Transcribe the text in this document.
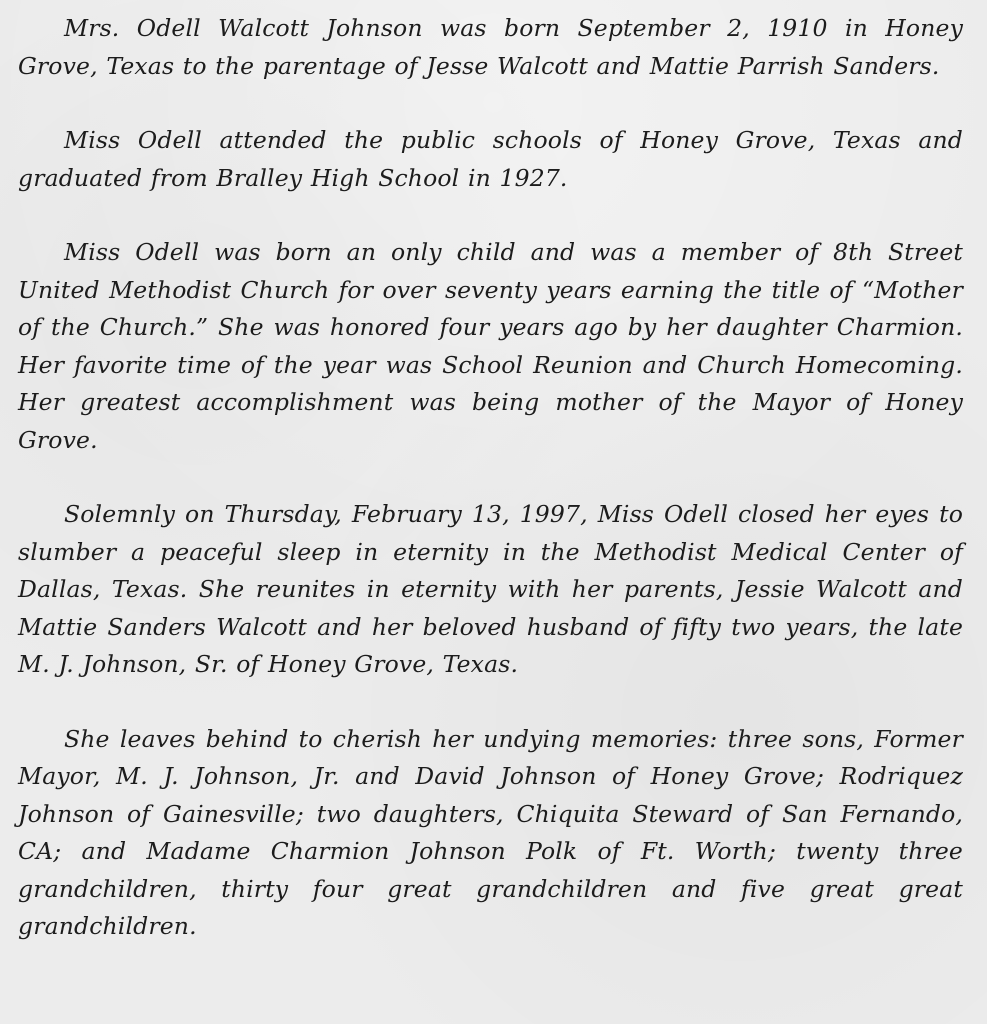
Mrs. Odell Walcott Johnson was born September 2, 1910 in Honey Grove, Texas to the parentage of Jesse Walcott and Mattie Parrish Sanders.

Miss Odell attended the public schools of Honey Grove, Texas and graduated from Bralley High School in 1927.

Miss Odell was born an only child and was a member of 8th Street United Methodist Church for over seventy years earning the title of “Mother of the Church.” She was honored four years ago by her daughter Charmion. Her favorite time of the year was School Reunion and Church Homecoming. Her greatest accomplishment was being mother of the Mayor of Honey Grove.

Solemnly on Thursday, February 13, 1997, Miss Odell closed her eyes to slumber a peaceful sleep in eternity in the Methodist Medical Center of Dallas, Texas. She reunites in eternity with her parents, Jessie Walcott and Mattie Sanders Walcott and her beloved husband of fifty two years, the late M. J. Johnson, Sr. of Honey Grove, Texas.

She leaves behind to cherish her undying memories: three sons, Former Mayor, M. J. Johnson, Jr. and David Johnson of Honey Grove; Rodriquez Johnson of Gainesville; two daughters, Chiquita Steward of San Fernando, CA; and Madame Charmion Johnson Polk of Ft. Worth; twenty three grandchildren, thirty four great grandchildren and five great great grandchildren.
